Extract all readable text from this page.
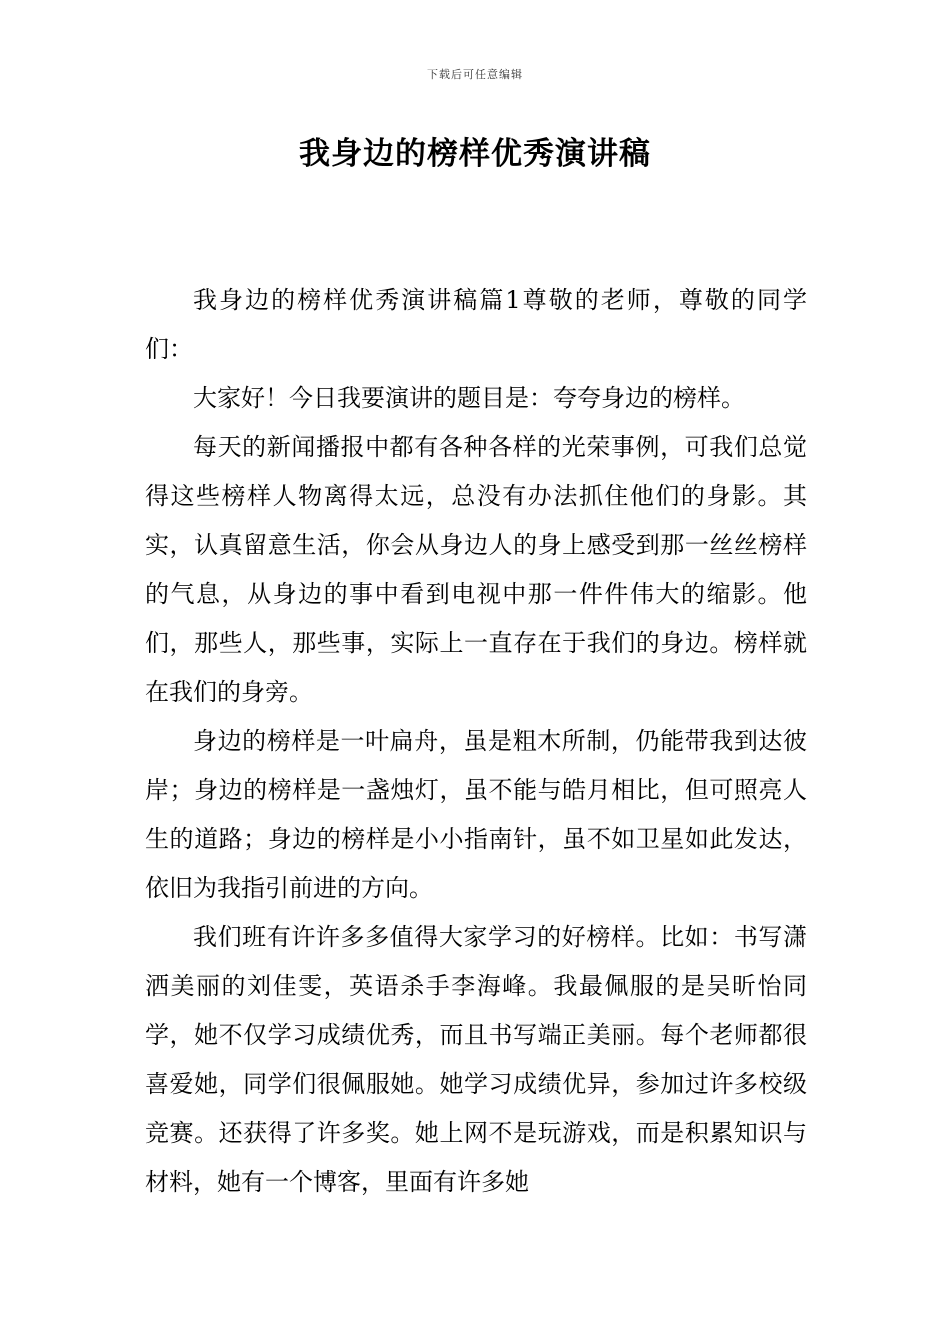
下载后可任意编辑
我身边的榜样优秀演讲稿

我身边的榜样优秀演讲稿篇1尊敬的老师，尊敬的同学们：

大家好！今日我要演讲的题目是：夸夸身边的榜样。

每天的新闻播报中都有各种各样的光荣事例，可我们总觉得这些榜样人物离得太远，总没有办法抓住他们的身影。其实，认真留意生活，你会从身边人的身上感受到那一丝丝榜样的气息，从身边的事中看到电视中那一件件伟大的缩影。他们，那些人，那些事，实际上一直存在于我们的身边。榜样就在我们的身旁。

身边的榜样是一叶扁舟，虽是粗木所制，仍能带我到达彼岸；身边的榜样是一盏烛灯，虽不能与皓月相比，但可照亮人生的道路；身边的榜样是小小指南针，虽不如卫星如此发达，依旧为我指引前进的方向。

我们班有许许多多值得大家学习的好榜样。比如：书写潇洒美丽的刘佳雯，英语杀手李海峰。我最佩服的是吴昕怡同学，她不仅学习成绩优秀，而且书写端正美丽。每个老师都很喜爱她，同学们很佩服她。她学习成绩优异，参加过许多校级竞赛。还获得了许多奖。她上网不是玩游戏，而是积累知识与材料，她有一个博客，里面有许多她
